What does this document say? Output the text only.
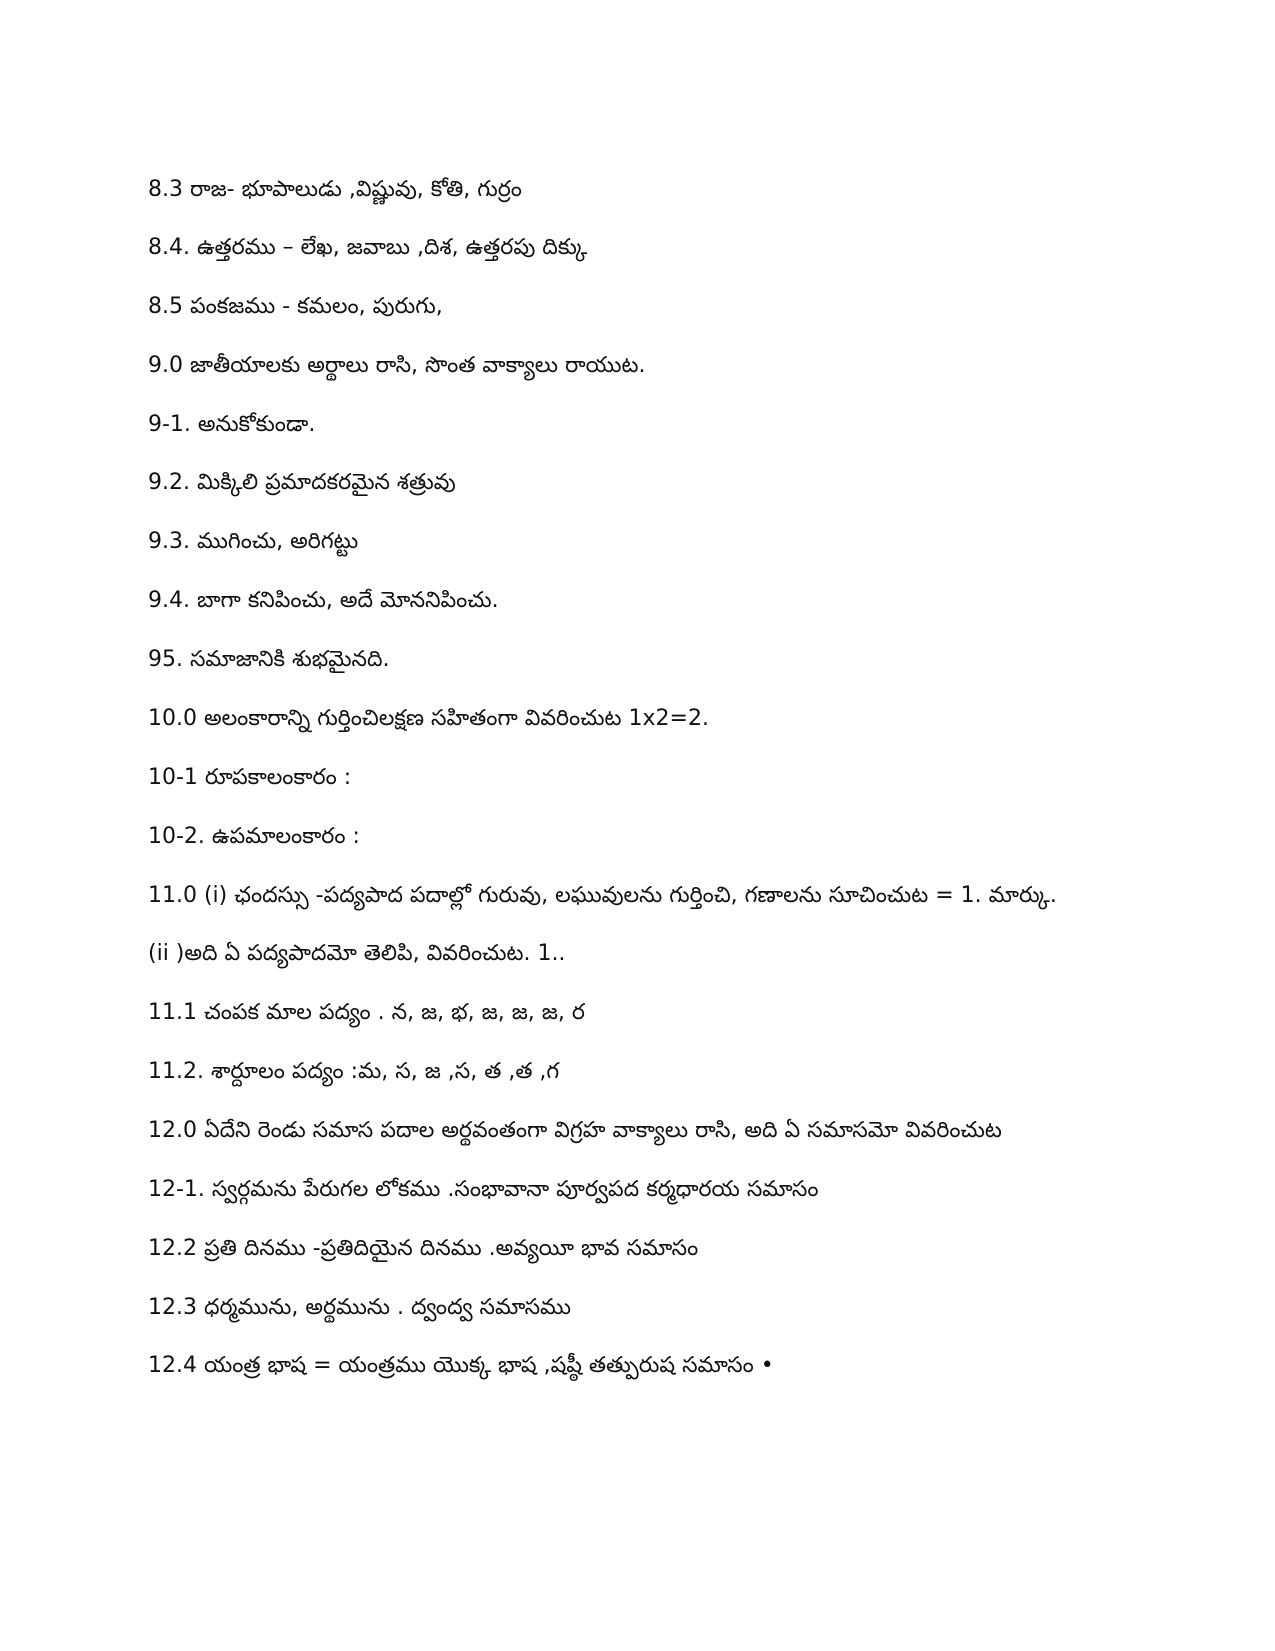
8.3 రాజ- భూపాలుడు ,విష్ణువు, కోతి, గుర్రం
8.4. ఉత్తరము – లేఖ, జవాబు ,దిశ, ఉత్తరపు దిక్కు
8.5 పంకజము - కమలం, పురుగు,
9.0 జాతీయాలకు అర్థాలు రాసి, సొంత వాక్యాలు రాయుట.
9-1. అనుకోకుండా.
9.2. మిక్కిలి ప్రమాదకరమైన శత్రువు
9.3. ముగించు, అరిగట్టు
9.4. బాగా కనిపించు, అదే మోననిపించు.
95. సమాజానికి శుభమైనది.
10.0 అలంకారాన్ని గుర్తించిలక్షణ సహితంగా వివరించుట 1x2=2.
10-1 రూపకాలంకారం :
10-2. ఉపమాలంకారం :
11.0 (i) ఛందస్సు -పద్యపాద పదాల్లో గురువు, లఘువులను గుర్తించి, గణాలను సూచించుట = 1. మార్కు.
(ii )అది ఏ పద్యపాదమో తెలిపి, వివరించుట. 1..
11.1 చంపక మాల పద్యం . న, జ, భ, జ, జ, జ, ర
11.2. శార్దూలం పద్యం :మ, స, జ ,స, త ,త ,గ
12.0 ఏదేని రెండు సమాస పదాల అర్థవంతంగా విగ్రహ వాక్యాలు రాసి, అది ఏ సమాసమో వివరించుట
12-1. స్వర్గమను పేరుగల లోకము .సంభావానా పూర్వపద కర్మధారయ సమాసం
12.2 ప్రతి దినము -ప్రతిదియైన దినము .అవ్యయీ భావ సమాసం
12.3 ధర్మమును, అర్థమును . ద్వంద్వ సమాసము
12.4 యంత్ర భాష = యంత్రము యొక్క భాష ,షష్ఠీ తత్పురుష సమాసం •
